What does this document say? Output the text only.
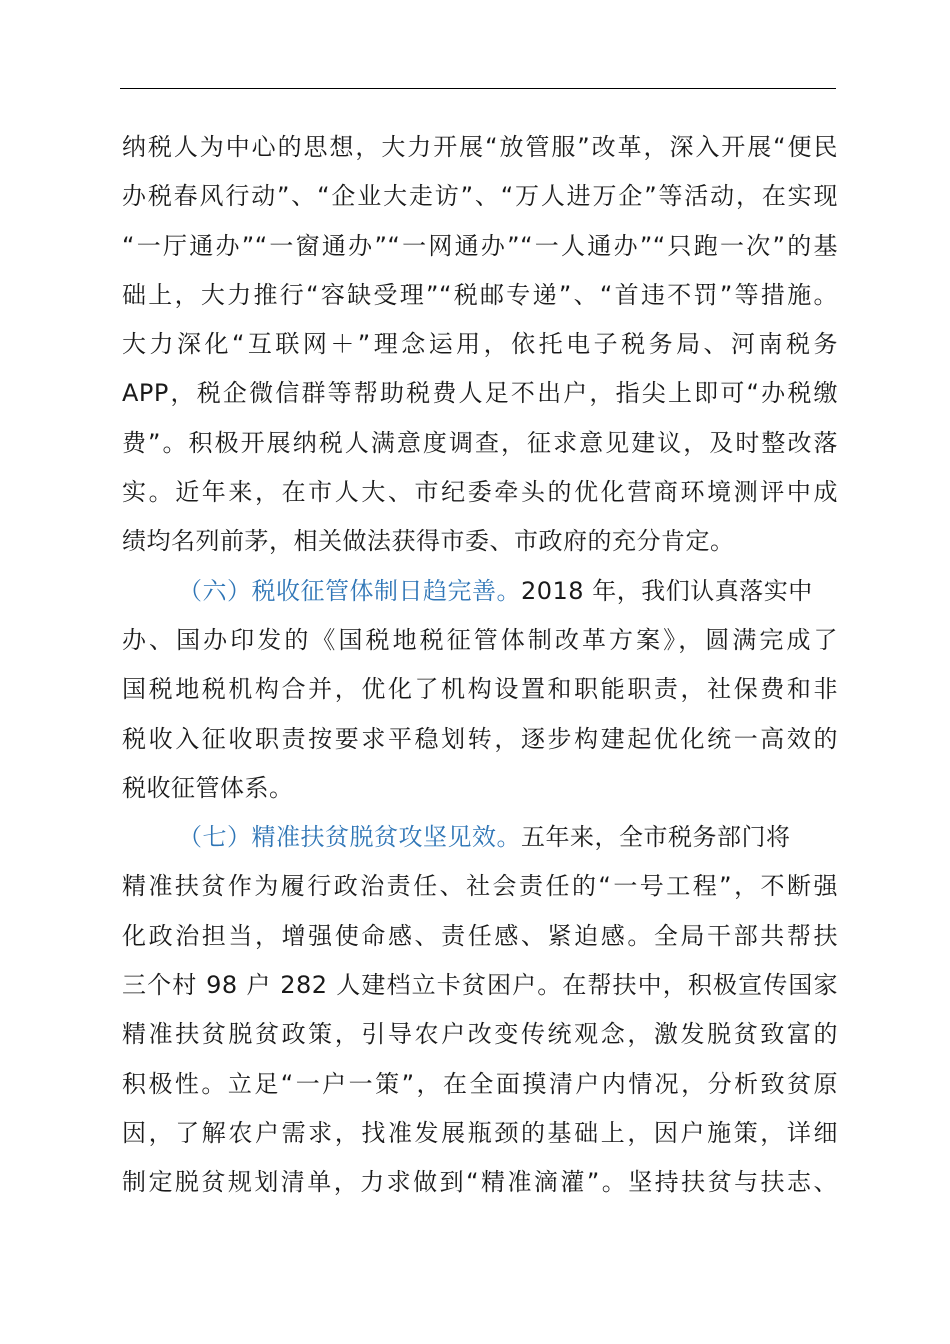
纳税人为中心的思想，大力开展“放管服”改革，深入开展“便民
办税春风行动”、“企业大走访”、“万人进万企”等活动，在实现
“一厅通办”“一窗通办”“一网通办”“一人通办”“只跑一次”的基
础上，大力推行“容缺受理”“税邮专递”、“首违不罚”等措施。
大力深化“互联网＋”理念运用，依托电子税务局、河南税务
APP，税企微信群等帮助税费人足不出户，指尖上即可“办税缴
费”。积极开展纳税人满意度调查，征求意见建议，及时整改落
实。近年来，在市人大、市纪委牵头的优化营商环境测评中成
绩均名列前茅，相关做法获得市委、市政府的充分肯定。
（六）税收征管体制日趋完善。2018 年，我们认真落实中
办、国办印发的《国税地税征管体制改革方案》，圆满完成了
国税地税机构合并，优化了机构设置和职能职责，社保费和非
税收入征收职责按要求平稳划转，逐步构建起优化统一高效的
税收征管体系。
（七）精准扶贫脱贫攻坚见效。五年来，全市税务部门将
精准扶贫作为履行政治责任、社会责任的“一号工程”，不断强
化政治担当，增强使命感、责任感、紧迫感。全局干部共帮扶
三个村 98 户 282 人建档立卡贫困户。在帮扶中，积极宣传国家
精准扶贫脱贫政策，引导农户改变传统观念，激发脱贫致富的
积极性。立足“一户一策”，在全面摸清户内情况，分析致贫原
因，了解农户需求，找准发展瓶颈的基础上，因户施策，详细
制定脱贫规划清单，力求做到“精准滴灌”。坚持扶贫与扶志、
